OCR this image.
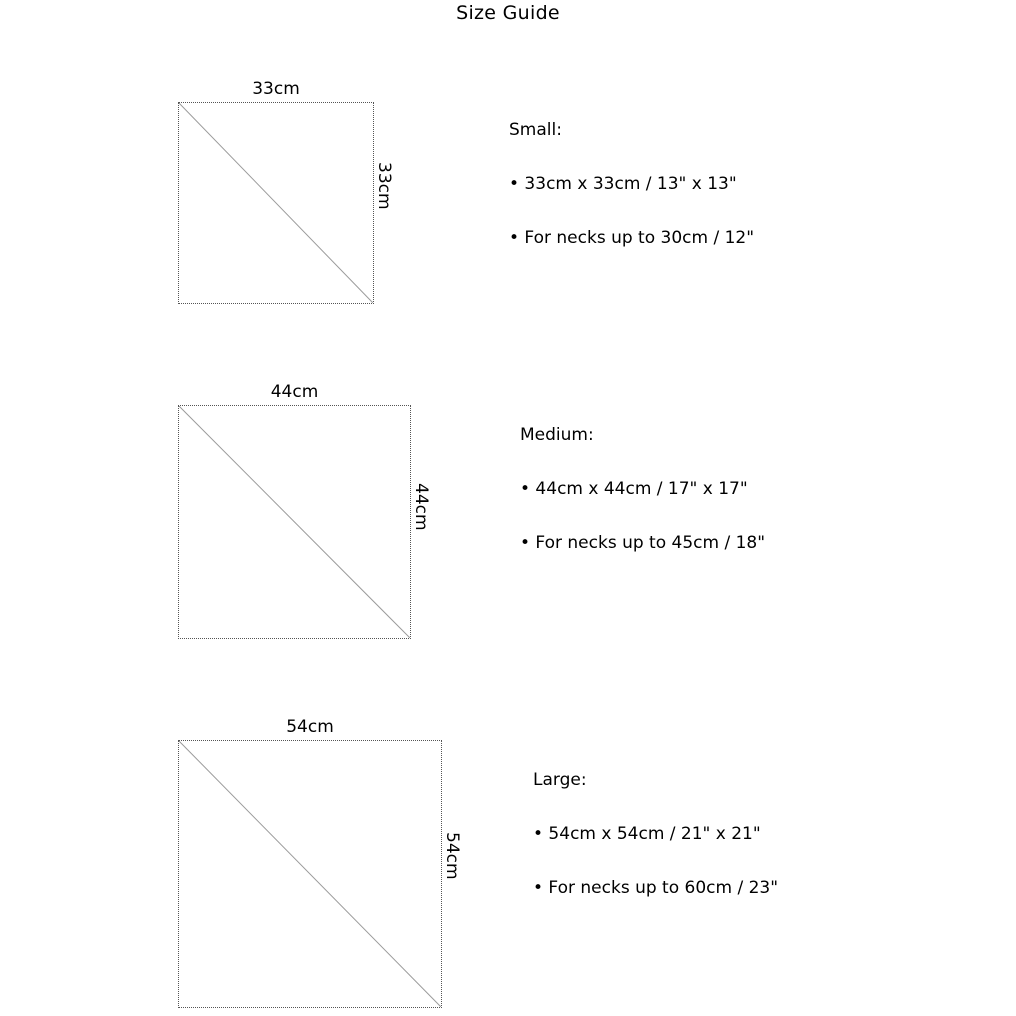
Size Guide
33cm
33cm
Small:
• 33cm x 33cm / 13" x 13"
• For necks up to 30cm / 12"
44cm
44cm
Medium:
• 44cm x 44cm / 17" x 17"
• For necks up to 45cm / 18"
54cm
54cm
Large:
• 54cm x 54cm / 21" x 21"
• For necks up to 60cm / 23"
